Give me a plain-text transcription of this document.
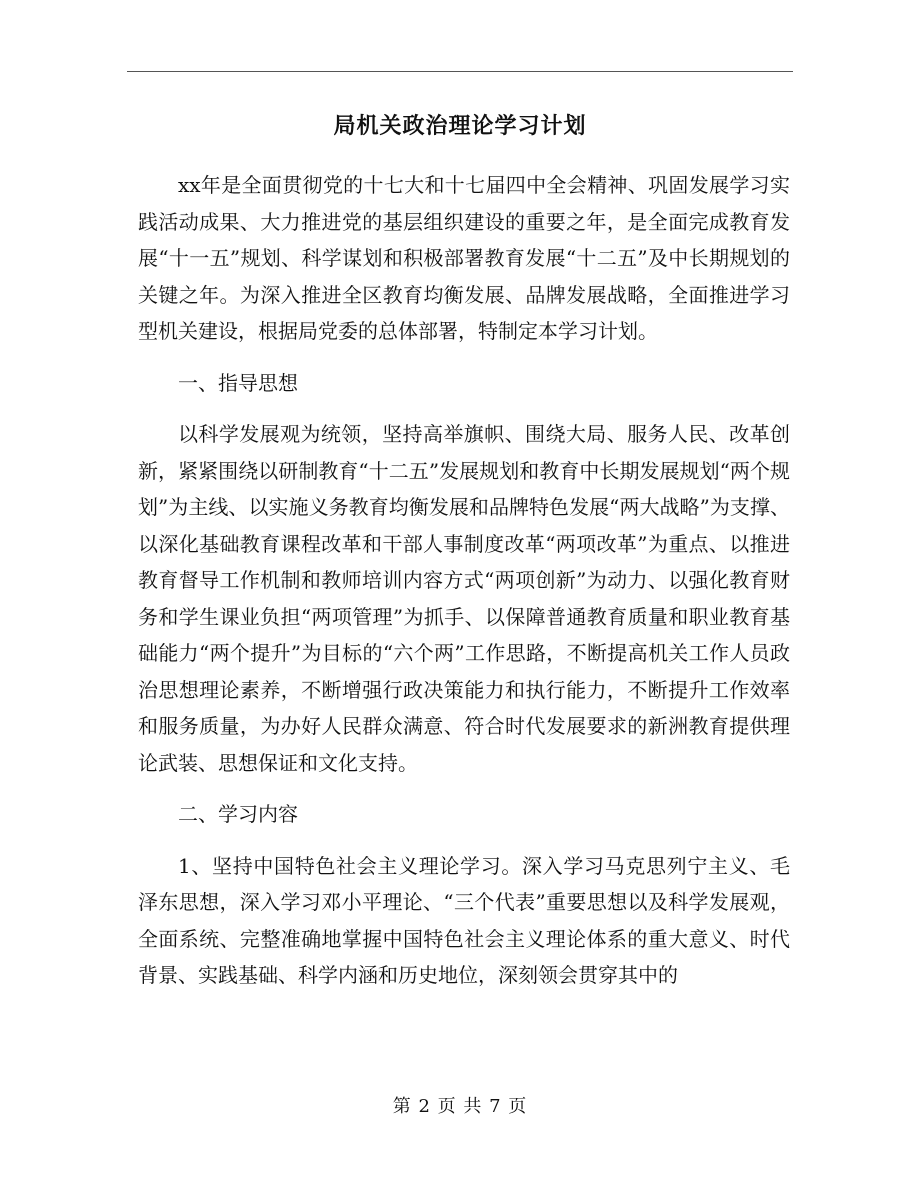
局机关政治理论学习计划

xx年是全面贯彻党的十七大和十七届四中全会精神、巩固发展学习实践活动成果、大力推进党的基层组织建设的重要之年，是全面完成教育发展“十一五”规划、科学谋划和积极部署教育发展“十二五”及中长期规划的关键之年。为深入推进全区教育均衡发展、品牌发展战略，全面推进学习型机关建设，根据局党委的总体部署，特制定本学习计划。

一、指导思想

以科学发展观为统领，坚持高举旗帜、围绕大局、服务人民、改革创新，紧紧围绕以研制教育“十二五”发展规划和教育中长期发展规划“两个规划”为主线、以实施义务教育均衡发展和品牌特色发展“两大战略”为支撑、以深化基础教育课程改革和干部人事制度改革“两项改革”为重点、以推进教育督导工作机制和教师培训内容方式“两项创新”为动力、以强化教育财务和学生课业负担“两项管理”为抓手、以保障普通教育质量和职业教育基础能力“两个提升”为目标的“六个两”工作思路，不断提高机关工作人员政治思想理论素养，不断增强行政决策能力和执行能力，不断提升工作效率和服务质量，为办好人民群众满意、符合时代发展要求的新洲教育提供理论武装、思想保证和文化支持。

二、学习内容

1、坚持中国特色社会主义理论学习。深入学习马克思列宁主义、毛泽东思想，深入学习邓小平理论、“三个代表”重要思想以及科学发展观，全面系统、完整准确地掌握中国特色社会主义理论体系的重大意义、时代背景、实践基础、科学内涵和历史地位，深刻领会贯穿其中的

第 2 页 共 7 页
